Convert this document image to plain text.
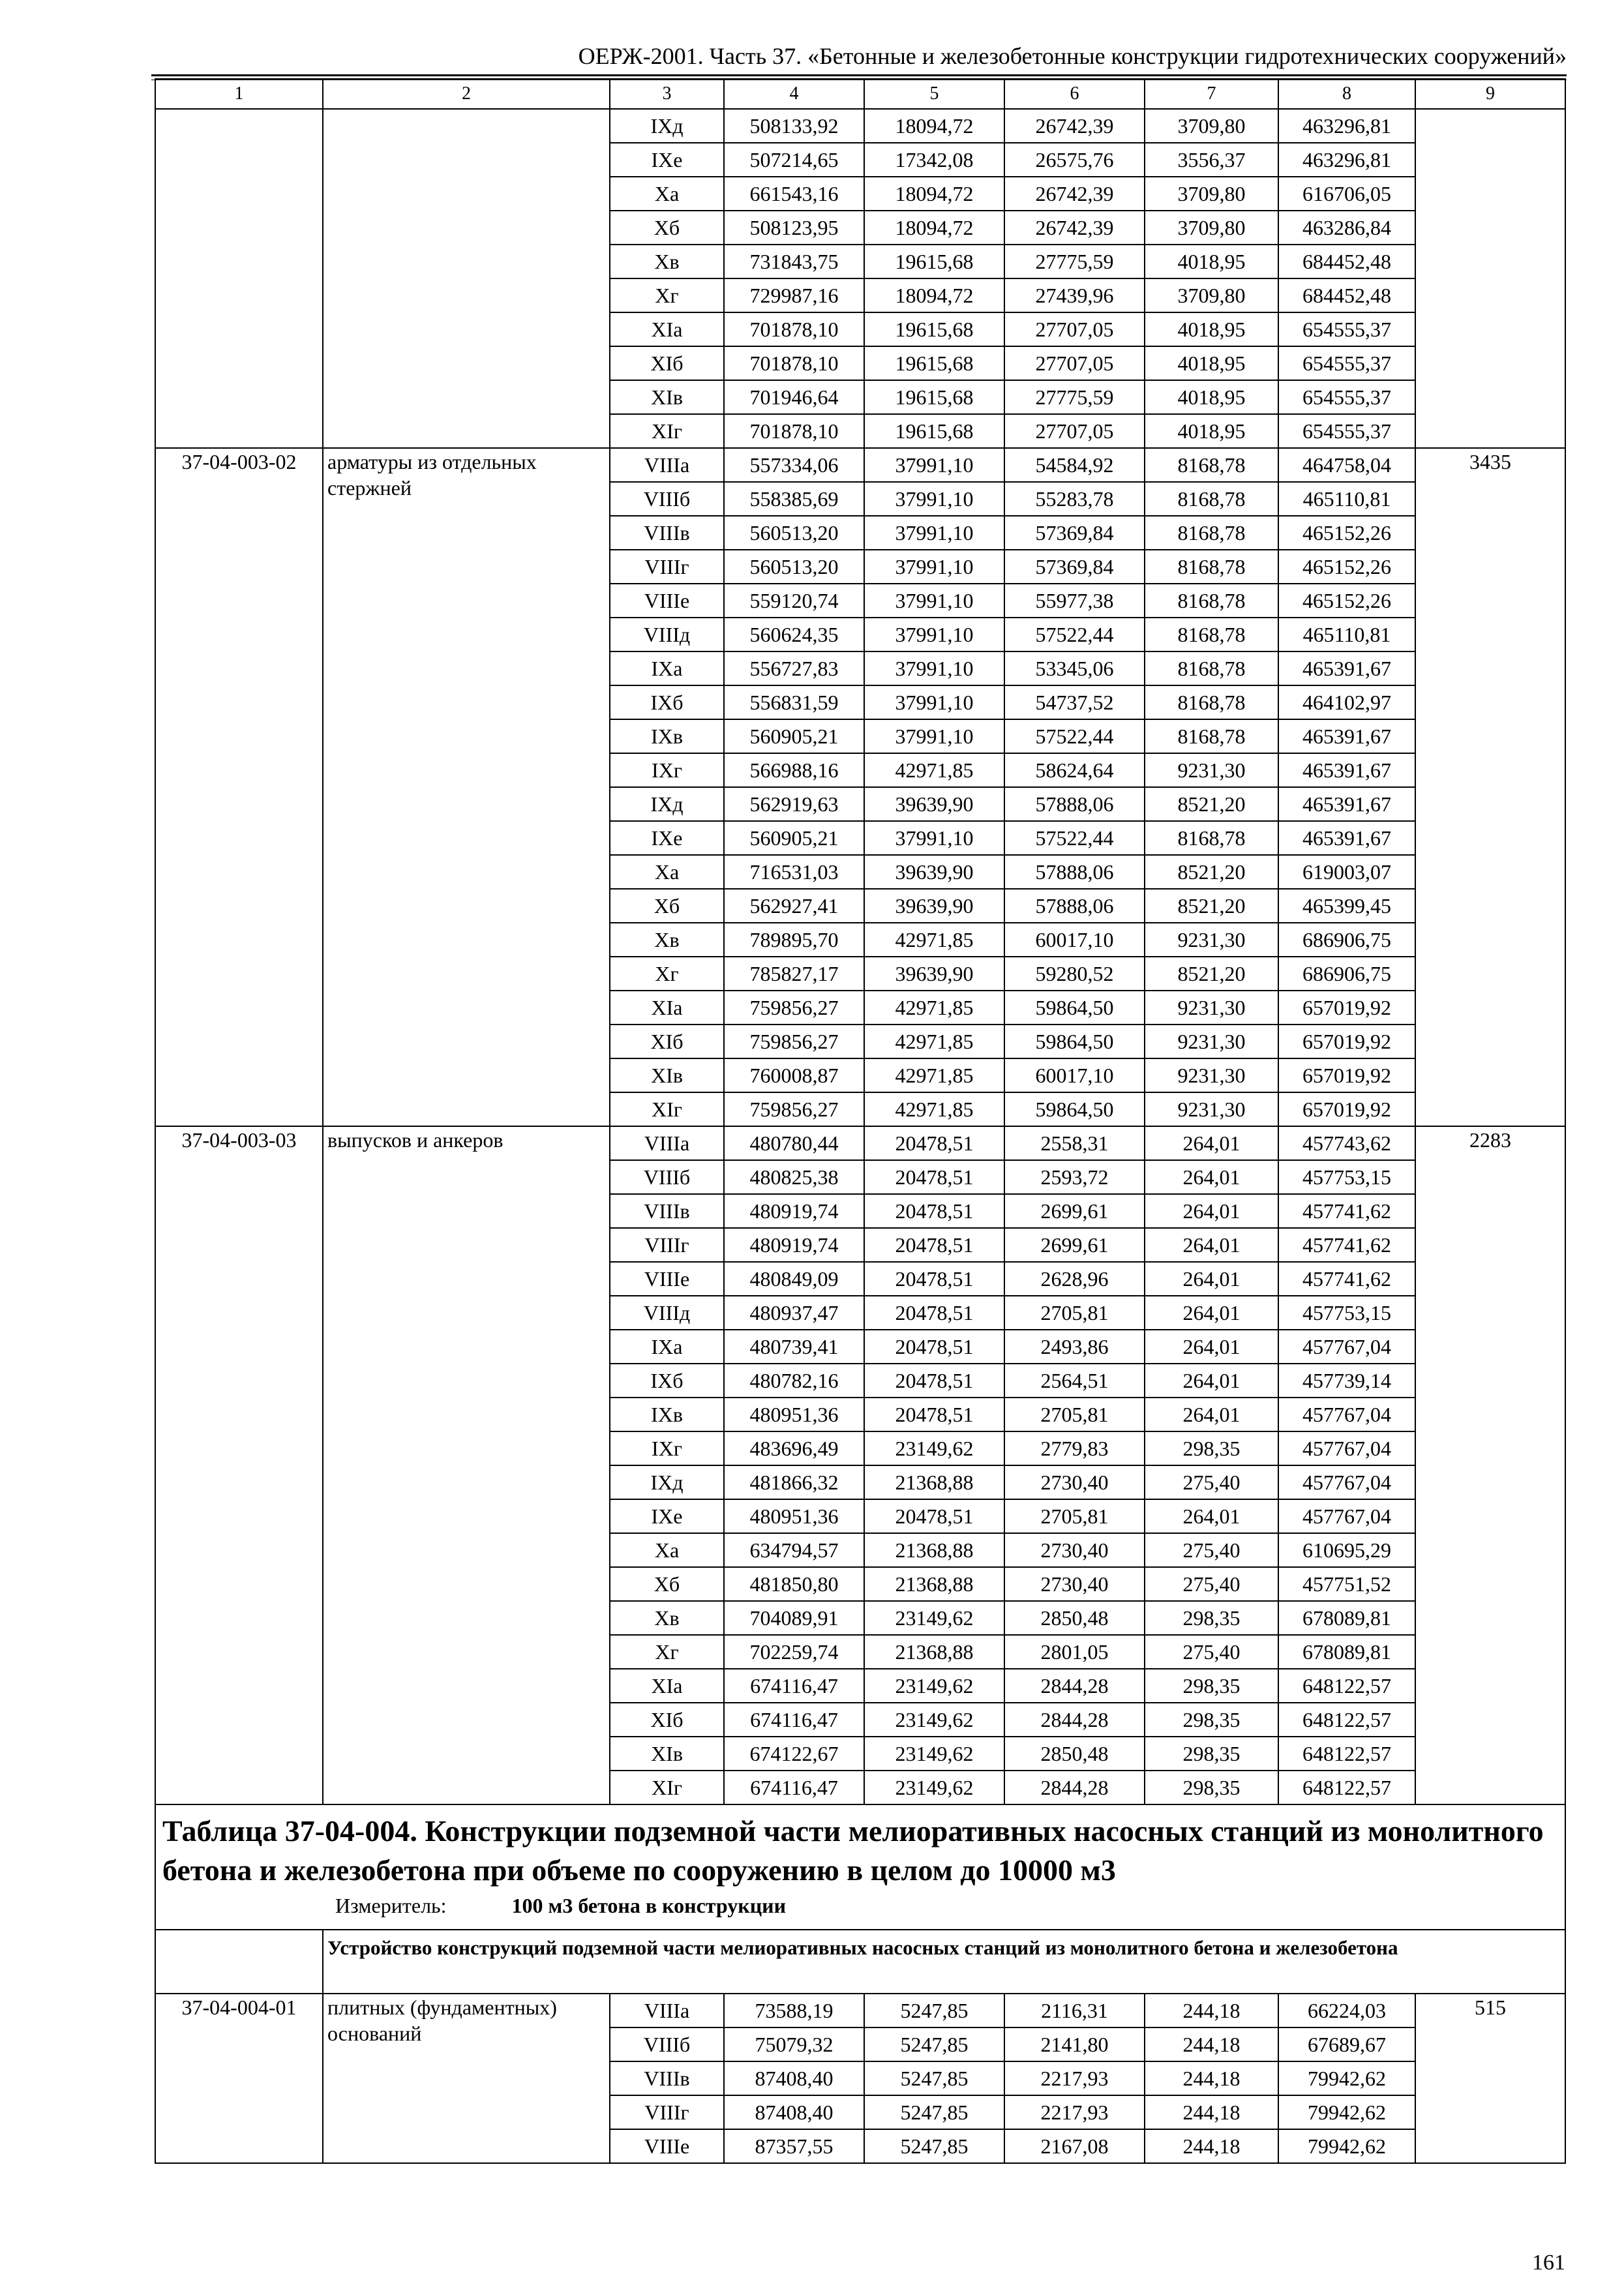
ОЕРЖ-2001. Часть 37. «Бетонные и железобетонные конструкции гидротехнических сооружений»
1	2	3	4	5	6	7	8	9
		IXд	508133,92	18094,72	26742,39	3709,80	463296,81	
		IXе	507214,65	17342,08	26575,76	3556,37	463296,81	
		Xа	661543,16	18094,72	26742,39	3709,80	616706,05	
		Xб	508123,95	18094,72	26742,39	3709,80	463286,84	
		Xв	731843,75	19615,68	27775,59	4018,95	684452,48	
		Xг	729987,16	18094,72	27439,96	3709,80	684452,48	
		XIа	701878,10	19615,68	27707,05	4018,95	654555,37	
		XIб	701878,10	19615,68	27707,05	4018,95	654555,37	
		XIв	701946,64	19615,68	27775,59	4018,95	654555,37	
		XIг	701878,10	19615,68	27707,05	4018,95	654555,37	
37-04-003-02	арматуры из отдельных стержней	VIIIа	557334,06	37991,10	54584,92	8168,78	464758,04	3435
		VIIIб	558385,69	37991,10	55283,78	8168,78	465110,81	
		VIIIв	560513,20	37991,10	57369,84	8168,78	465152,26	
		VIIIг	560513,20	37991,10	57369,84	8168,78	465152,26	
		VIIIе	559120,74	37991,10	55977,38	8168,78	465152,26	
		VIIIд	560624,35	37991,10	57522,44	8168,78	465110,81	
		IXа	556727,83	37991,10	53345,06	8168,78	465391,67	
		IXб	556831,59	37991,10	54737,52	8168,78	464102,97	
		IXв	560905,21	37991,10	57522,44	8168,78	465391,67	
		IXг	566988,16	42971,85	58624,64	9231,30	465391,67	
		IXд	562919,63	39639,90	57888,06	8521,20	465391,67	
		IXе	560905,21	37991,10	57522,44	8168,78	465391,67	
		Xа	716531,03	39639,90	57888,06	8521,20	619003,07	
		Xб	562927,41	39639,90	57888,06	8521,20	465399,45	
		Xв	789895,70	42971,85	60017,10	9231,30	686906,75	
		Xг	785827,17	39639,90	59280,52	8521,20	686906,75	
		XIа	759856,27	42971,85	59864,50	9231,30	657019,92	
		XIб	759856,27	42971,85	59864,50	9231,30	657019,92	
		XIв	760008,87	42971,85	60017,10	9231,30	657019,92	
		XIг	759856,27	42971,85	59864,50	9231,30	657019,92	
37-04-003-03	выпусков и анкеров	VIIIа	480780,44	20478,51	2558,31	264,01	457743,62	2283
		VIIIб	480825,38	20478,51	2593,72	264,01	457753,15	
		VIIIв	480919,74	20478,51	2699,61	264,01	457741,62	
		VIIIг	480919,74	20478,51	2699,61	264,01	457741,62	
		VIIIе	480849,09	20478,51	2628,96	264,01	457741,62	
		VIIIд	480937,47	20478,51	2705,81	264,01	457753,15	
		IXа	480739,41	20478,51	2493,86	264,01	457767,04	
		IXб	480782,16	20478,51	2564,51	264,01	457739,14	
		IXв	480951,36	20478,51	2705,81	264,01	457767,04	
		IXг	483696,49	23149,62	2779,83	298,35	457767,04	
		IXд	481866,32	21368,88	2730,40	275,40	457767,04	
		IXе	480951,36	20478,51	2705,81	264,01	457767,04	
		Xа	634794,57	21368,88	2730,40	275,40	610695,29	
		Xб	481850,80	21368,88	2730,40	275,40	457751,52	
		Xв	704089,91	23149,62	2850,48	298,35	678089,81	
		Xг	702259,74	21368,88	2801,05	275,40	678089,81	
		XIа	674116,47	23149,62	2844,28	298,35	648122,57	
		XIб	674116,47	23149,62	2844,28	298,35	648122,57	
		XIв	674122,67	23149,62	2850,48	298,35	648122,57	
		XIг	674116,47	23149,62	2844,28	298,35	648122,57	

Таблица 37-04-004. Конструкции подземной части мелиоративных насосных станций из монолитного бетона и железобетона при объеме по сооружению в целом до 10000 м3
Измеритель: 100 м3 бетона в конструкции								

	Устройство конструкций подземной части мелиоративных насосных станций из монолитного бетона и железобетона							
37-04-004-01	плитных (фундаментных) оснований	VIIIа	73588,19	5247,85	2116,31	244,18	66224,03	515
		VIIIб	75079,32	5247,85	2141,80	244,18	67689,67	
		VIIIв	87408,40	5247,85	2217,93	244,18	79942,62	
		VIIIг	87408,40	5247,85	2217,93	244,18	79942,62	
		VIIIе	87357,55	5247,85	2167,08	244,18	79942,62	
161
